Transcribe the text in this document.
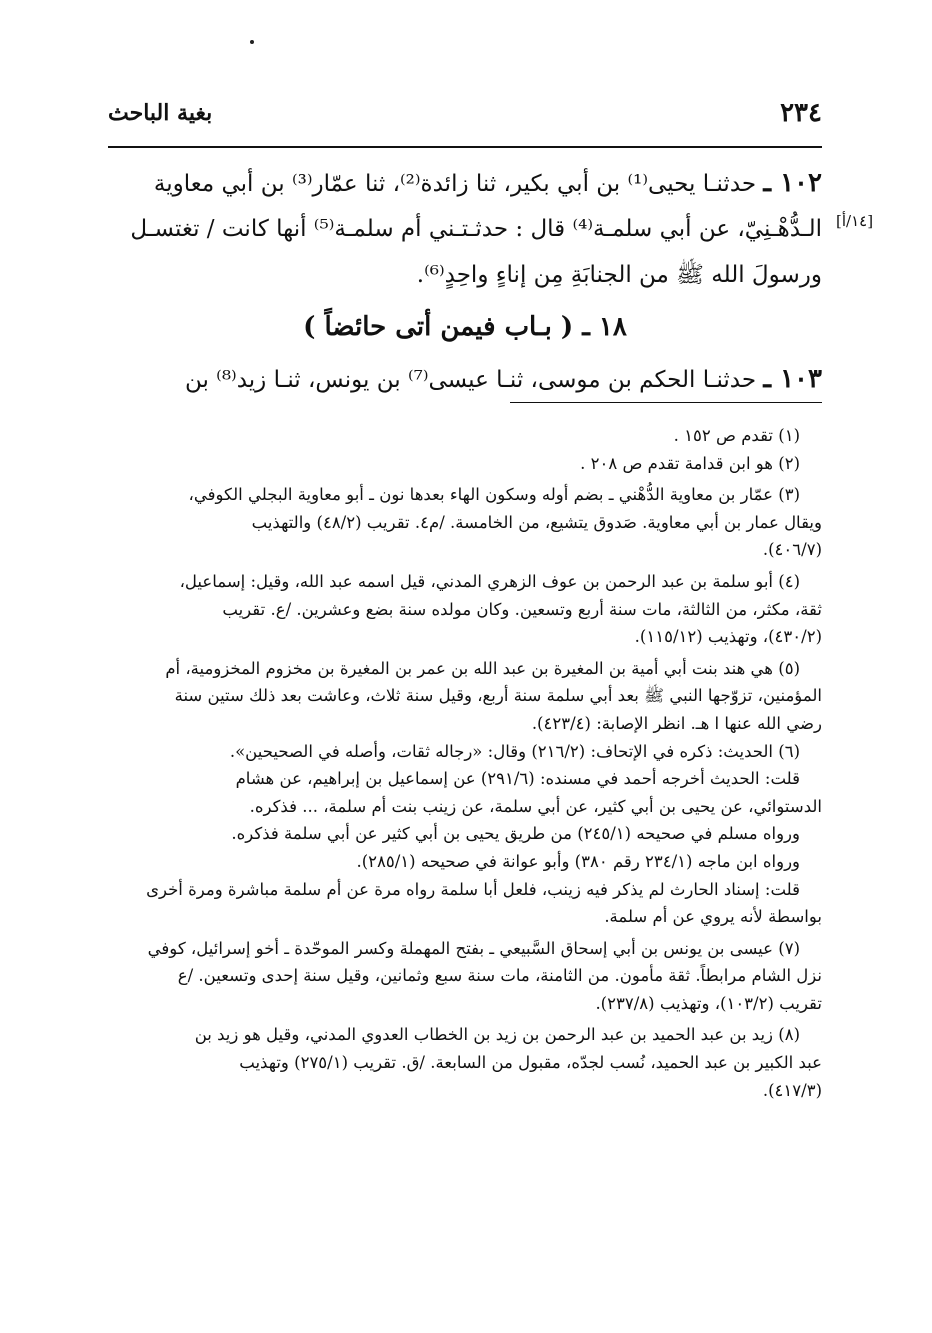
٢٣٤
بغية الباحث
[١٤/أ]
١٠٢ ـ حدثنـا يحيى⁽¹⁾ بن أبي بكير، ثنا زائدة⁽²⁾، ثنا عمّار⁽³⁾ بن أبي معاوية
الـدُّهْـنِيّ، عن أبي سلمـة⁽⁴⁾ قال : حدثـتـني أم سلمـة⁽⁵⁾ أنها كانت / تغتسـل
ورسولَ الله ﷺ من الجنابَةِ مِن إناءٍ واحِدٍ⁽⁶⁾.
١٨ ـ ( بـاب فيمن أتى حائضاً )
١٠٣ ـ حدثنـا الحكم بن موسى، ثنـا عيسى⁽⁷⁾ بن يونس، ثنـا زيد⁽⁸⁾ بن
(١) تقدم ص ١٥٢ .
(٢) هو ابن قدامة تقدم ص ٢٠٨ .
(٣) عمّار بن معاوية الدُّهْني ـ بضم أوله وسكون الهاء بعدها نون ـ أبو معاوية البجلي الكوفي،
ويقال عمار بن أبي معاوية. صَدوق يتشيع، من الخامسة. /م٤. تقريب (٤٨/٢) والتهذيب
(٤٠٦/٧).
(٤) أبو سلمة بن عبد الرحمن بن عوف الزهري المدني، قيل اسمه عبد الله، وقيل: إسماعيل،
ثقة، مكثر، من الثالثة، مات سنة أربع وتسعين. وكان مولده سنة بضع وعشرين. /ع. تقريب
(٤٣٠/٢)، وتهذيب (١١٥/١٢).
(٥) هي هند بنت أبي أمية بن المغيرة بن عبد الله بن عمر بن المغيرة بن مخزوم المخزومية، أم
المؤمنين، تزوّجها النبي ﷺ بعد أبي سلمة سنة أربع، وقيل سنة ثلاث، وعاشت بعد ذلك ستين سنة
رضي الله عنها ا هـ. انظر الإصابة: (٤٢٣/٤).
(٦) الحديث: ذكره في الإتحاف: (٢١٦/٢) وقال: «رجاله ثقات، وأصله في الصحيحين».
قلت: الحديث أخرجه أحمد في مسنده: (٢٩١/٦) عن إسماعيل بن إبراهيم، عن هشام
الدستوائي، عن يحيى بن أبي كثير، عن أبي سلمة، عن زينب بنت أم سلمة، ... فذكره.
ورواه مسلم في صحيحه (٢٤٥/١) من طريق يحيى بن أبي كثير عن أبي سلمة فذكره.
ورواه ابن ماجه (٢٣٤/١ رقم ٣٨٠) وأبو عوانة في صحيحه (٢٨٥/١).
قلت: إسناد الحارث لم يذكر فيه زينب، فلعل أبا سلمة رواه مرة عن أم سلمة مباشرة ومرة أخرى
بواسطة لأنه يروي عن أم سلمة.
(٧) عيسى بن يونس بن أبي إسحاق السَّبيعي ـ بفتح المهملة وكسر الموحّدة ـ أخو إسرائيل، كوفي
نزل الشام مرابطاً. ثقة مأمون. من الثامنة، مات سنة سبع وثمانين، وقيل سنة إحدى وتسعين. /ع
تقريب (١٠٣/٢)، وتهذيب (٢٣٧/٨).
(٨) زيد بن عبد الحميد بن عبد الرحمن بن زيد بن الخطاب العدوي المدني، وقيل هو زيد بن
عبد الكبير بن عبد الحميد، نُسب لجدّه، مقبول من السابعة. /ق. تقريب (٢٧٥/١) وتهذيب
(٤١٧/٣).
